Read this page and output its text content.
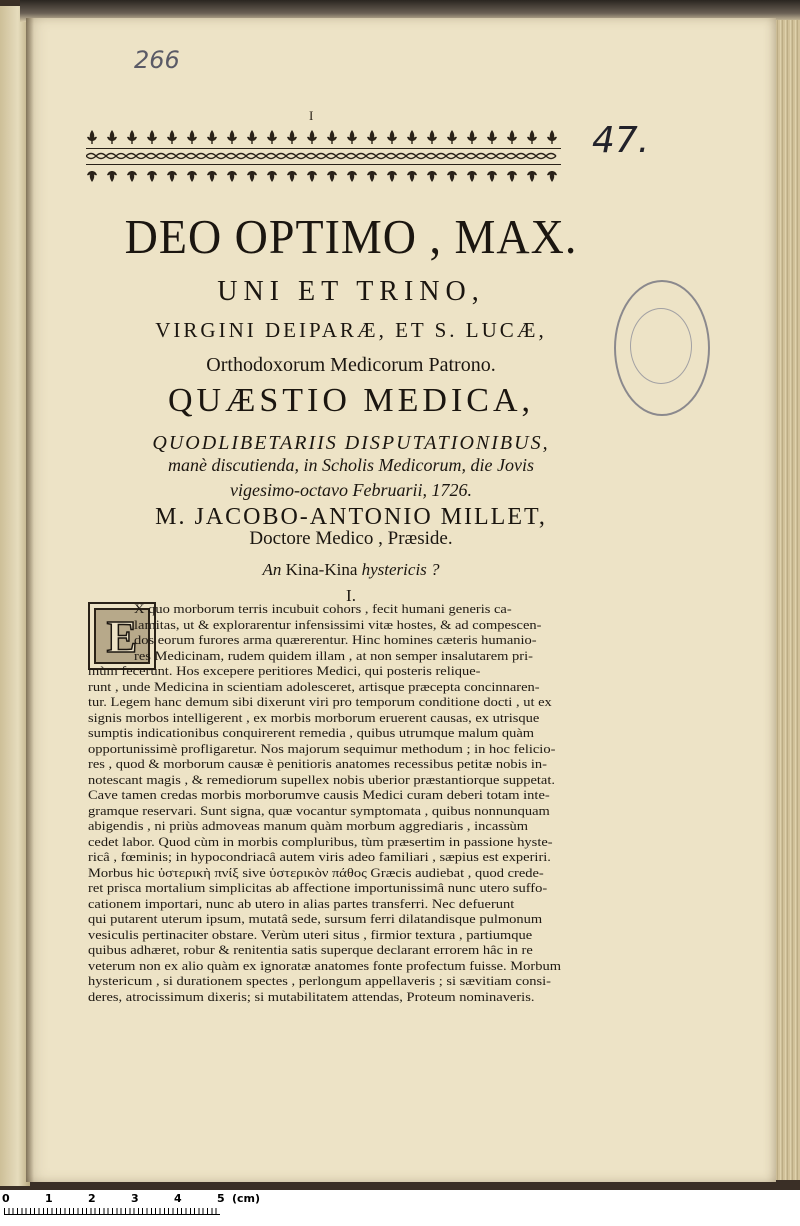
266
47.
I
DEO OPTIMO , MAX.
UNI ET TRINO,
VIRGINI DEIPARÆ, ET S. LUCÆ,
Orthodoxorum Medicorum Patrono.
QUÆSTIO MEDICA,
QUODLIBETARIIS DISPUTATIONIBUS,
manè discutienda, in Scholis Medicorum, die Jovis
vigesimo-octavo Februarii, 1726.
M. JACOBO-ANTONIO MILLET,
Doctore Medico , Præside.
An Kina-Kina hystericis ?
I.
E
X quo morborum terris incubuit cohors , fecit humani generis ca-
lamitas, ut & explorarentur infensissimi vitæ hostes, & ad compescen-
dos eorum furores arma quærerentur. Hinc homines cæteris humanio-
res Medicinam, rudem quidem illam , at non semper insalutarem pri-
mùm fecerunt. Hos excepere peritiores Medici, qui posteris relique-
runt , unde Medicina in scientiam adolesceret, artisque præcepta concinnaren-
tur. Legem hanc demum sibi dixerunt viri pro temporum conditione docti , ut ex
signis morbos intelligerent , ex morbis morborum eruerent causas, ex utrisque
sumptis indicationibus conquirerent remedia , quibus utrumque malum quàm
opportunissimè profligaretur. Nos majorum sequimur methodum ; in hoc felicio-
res , quod & morborum causæ è penitioris anatomes recessibus petitæ nobis in-
notescant magis , & remediorum supellex nobis uberior præstantiorque suppetat.
Cave tamen credas morbis morborumve causis Medici curam deberi totam inte-
gramque reservari. Sunt signa, quæ vocantur symptomata , quibus nonnunquam
abigendis , ni priùs admoveas manum quàm morbum aggrediaris , incassùm
cedet labor. Quod cùm in morbis compluribus, tùm præsertim in passione hyste-
ricâ , fœminis; in hypocondriacâ autem viris adeo familiari , sæpius est experiri.
Morbus hic ὑστερικὴ πνίξ sive ὑστερικὸν πάθος Græcis audiebat , quod crede-
ret prisca mortalium simplicitas ab affectione importunissimâ nunc utero suffo-
cationem importari, nunc ab utero in alias partes transferri. Nec defuerunt
qui putarent uterum ipsum, mutatâ sede, sursum ferri dilatandisque pulmonum
vesiculis pertinaciter obstare. Verùm uteri situs , firmior textura , partiumque
quibus adhæret, robur & renitentia satis superque declarant errorem hâc in re
veterum non ex alio quàm ex ignoratæ anatomes fonte profectum fuisse. Morbum
hystericum , si durationem spectes , perlongum appellaveris ; si sævitiam consi-
deres, atrocissimum dixeris; si mutabilitatem attendas, Proteum nominaveris.
0	1	2	3	4	5 (cm)
